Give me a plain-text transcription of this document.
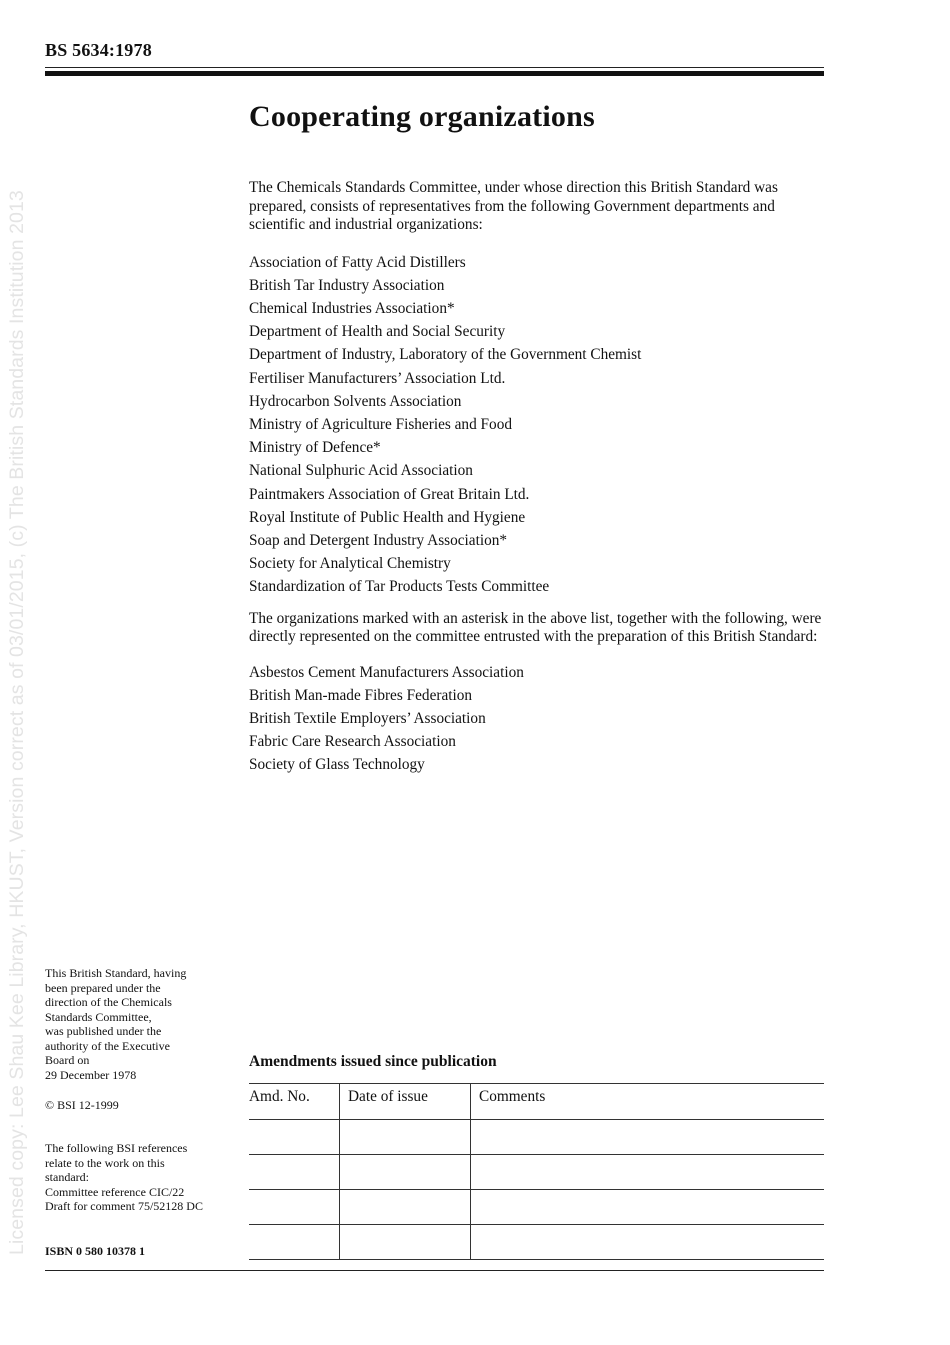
BS 5634:1978
Licensed copy: Lee Shau Kee Library, HKUST, Version correct as of 03/01/2015, (c) The British Standards Institution 2013
Cooperating organizations

The Chemicals Standards Committee, under whose direction this British Standard was prepared, consists of representatives from the following Government departments and scientific and industrial organizations:

Association of Fatty Acid Distillers
British Tar Industry Association
Chemical Industries Association*
Department of Health and Social Security
Department of Industry, Laboratory of the Government Chemist
Fertiliser Manufacturers’ Association Ltd.
Hydrocarbon Solvents Association
Ministry of Agriculture Fisheries and Food
Ministry of Defence*
National Sulphuric Acid Association
Paintmakers Association of Great Britain Ltd.
Royal Institute of Public Health and Hygiene
Soap and Detergent Industry Association*
Society for Analytical Chemistry
Standardization of Tar Products Tests Committee

The organizations marked with an asterisk in the above list, together with the following, were directly represented on the committee entrusted with the preparation of this British Standard:

Asbestos Cement Manufacturers Association
British Man-made Fibres Federation
British Textile Employers’ Association
Fabric Care Research Association
Society of Glass Technology
This British Standard, having
been prepared under the
direction of the Chemicals
Standards Committee,
was published under the
authority of the Executive
Board on
29 December 1978
© BSI 12-1999
The following BSI references
relate to the work on this
standard:
Committee reference CIC/22
Draft for comment 75/52128 DC
Amendments issued since publication
Amd. No.	Date of issue	Comments

ISBN 0 580 10378 1
